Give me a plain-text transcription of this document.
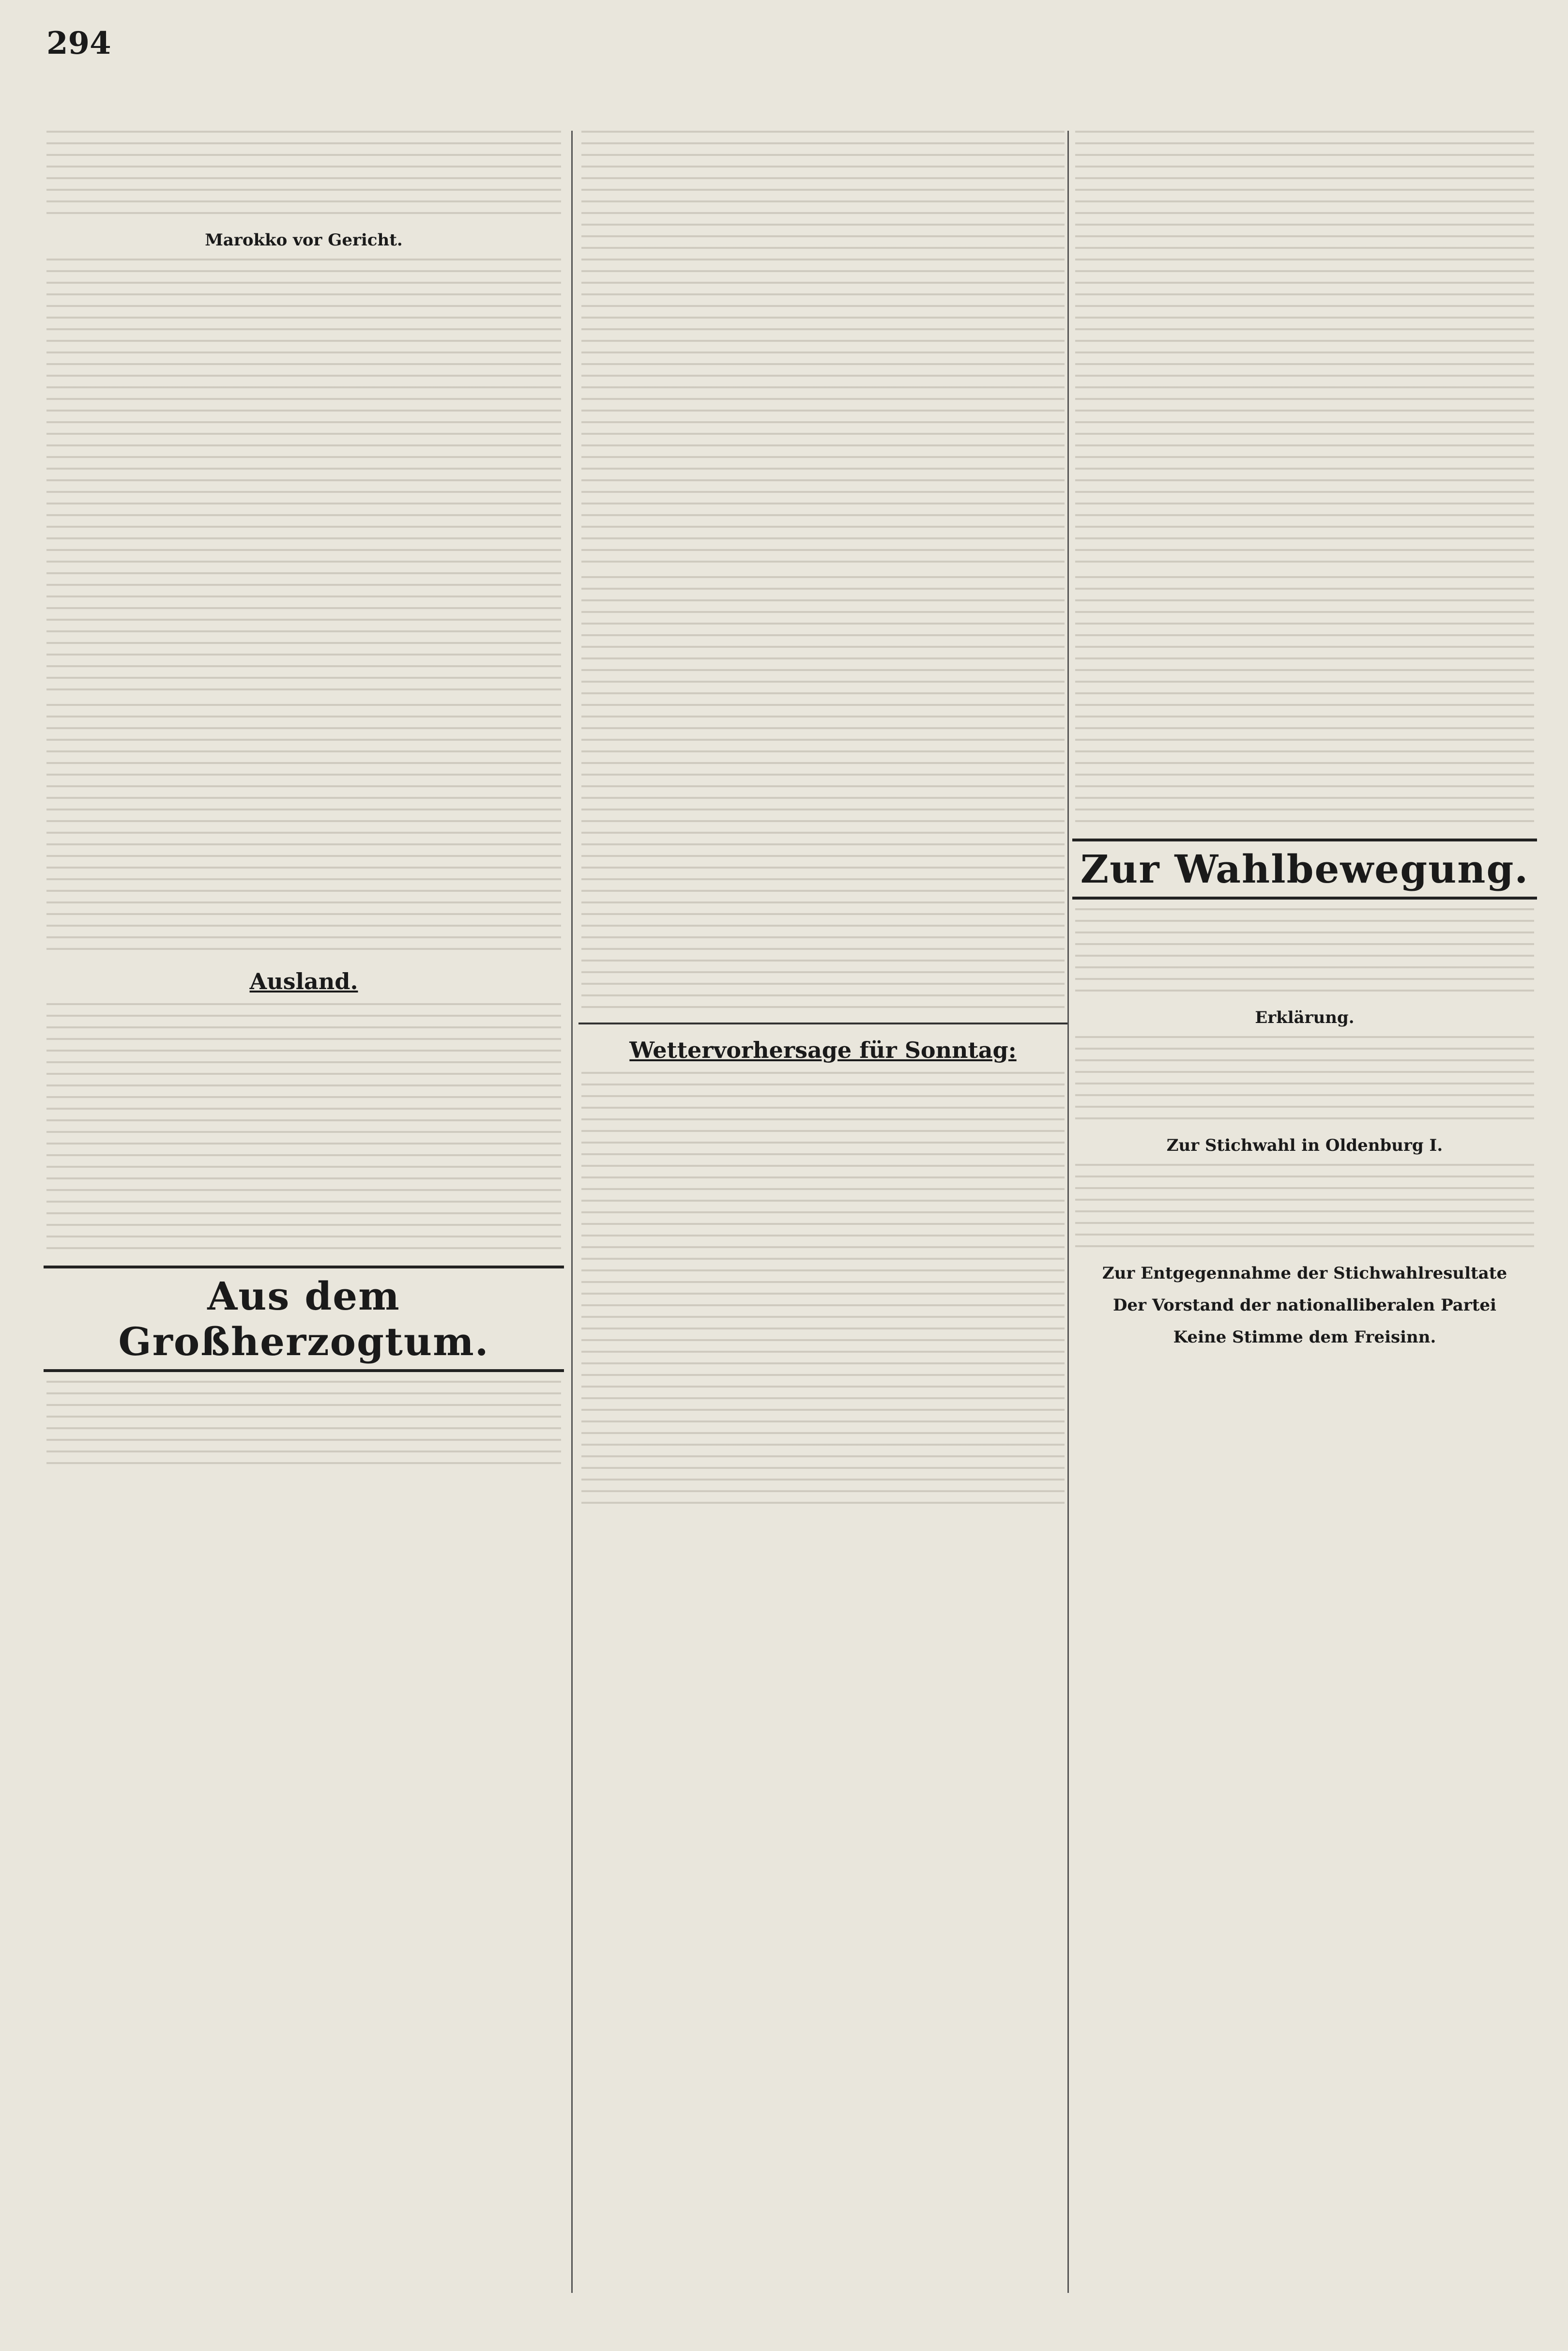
294
Marokko vor Gericht.
Ausland.
Aus dem Großherzogtum.
Wettervorhersage für Sonntag:
Zur Wahlbewegung.
Erklärung.
Zur Stichwahl in Oldenburg I.
Zur Entgegennahme der Stichwahlresultate
Der Vorstand der nationalliberalen Partei
Keine Stimme dem Freisinn.
